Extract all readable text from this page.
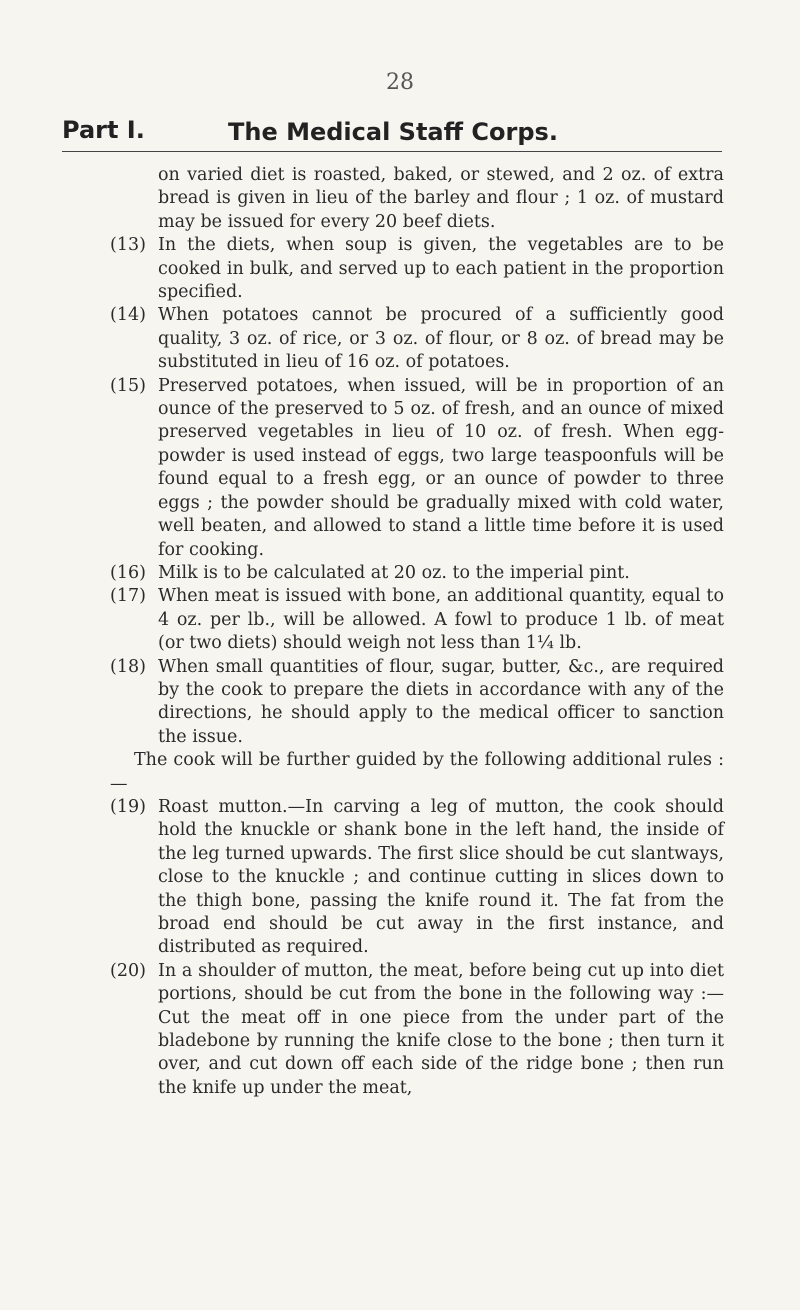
28
Part I.	The Medical Staff Corps.

on varied diet is roasted, baked, or stewed, and 2 oz. of extra bread is given in lieu of the barley and flour ; 1 oz. of mustard may be issued for every 20 beef diets.

(13) In the diets, when soup is given, the vegetables are to be cooked in bulk, and served up to each patient in the proportion specified.

(14) When potatoes cannot be procured of a sufficiently good quality, 3 oz. of rice, or 3 oz. of flour, or 8 oz. of bread may be substituted in lieu of 16 oz. of potatoes.

(15) Preserved potatoes, when issued, will be in proportion of an ounce of the preserved to 5 oz. of fresh, and an ounce of mixed preserved vegetables in lieu of 10 oz. of fresh. When egg-powder is used instead of eggs, two large teaspoonfuls will be found equal to a fresh egg, or an ounce of powder to three eggs ; the powder should be gradually mixed with cold water, well beaten, and allowed to stand a little time before it is used for cooking.

(16) Milk is to be calculated at 20 oz. to the imperial pint.

(17) When meat is issued with bone, an additional quantity, equal to 4 oz. per lb., will be allowed. A fowl to produce 1 lb. of meat (or two diets) should weigh not less than 1¼ lb.

(18) When small quantities of flour, sugar, butter, &c., are required by the cook to prepare the diets in accordance with any of the directions, he should apply to the medical officer to sanction the issue.

The cook will be further guided by the following additional rules :—

(19) Roast mutton.—In carving a leg of mutton, the cook should hold the knuckle or shank bone in the left hand, the inside of the leg turned upwards. The first slice should be cut slantways, close to the knuckle ; and continue cutting in slices down to the thigh bone, passing the knife round it. The fat from the broad end should be cut away in the first instance, and distributed as required.

(20) In a shoulder of mutton, the meat, before being cut up into diet portions, should be cut from the bone in the following way :—Cut the meat off in one piece from the under part of the bladebone by running the knife close to the bone ; then turn it over, and cut down off each side of the ridge bone ; then run the knife up under the meat,
